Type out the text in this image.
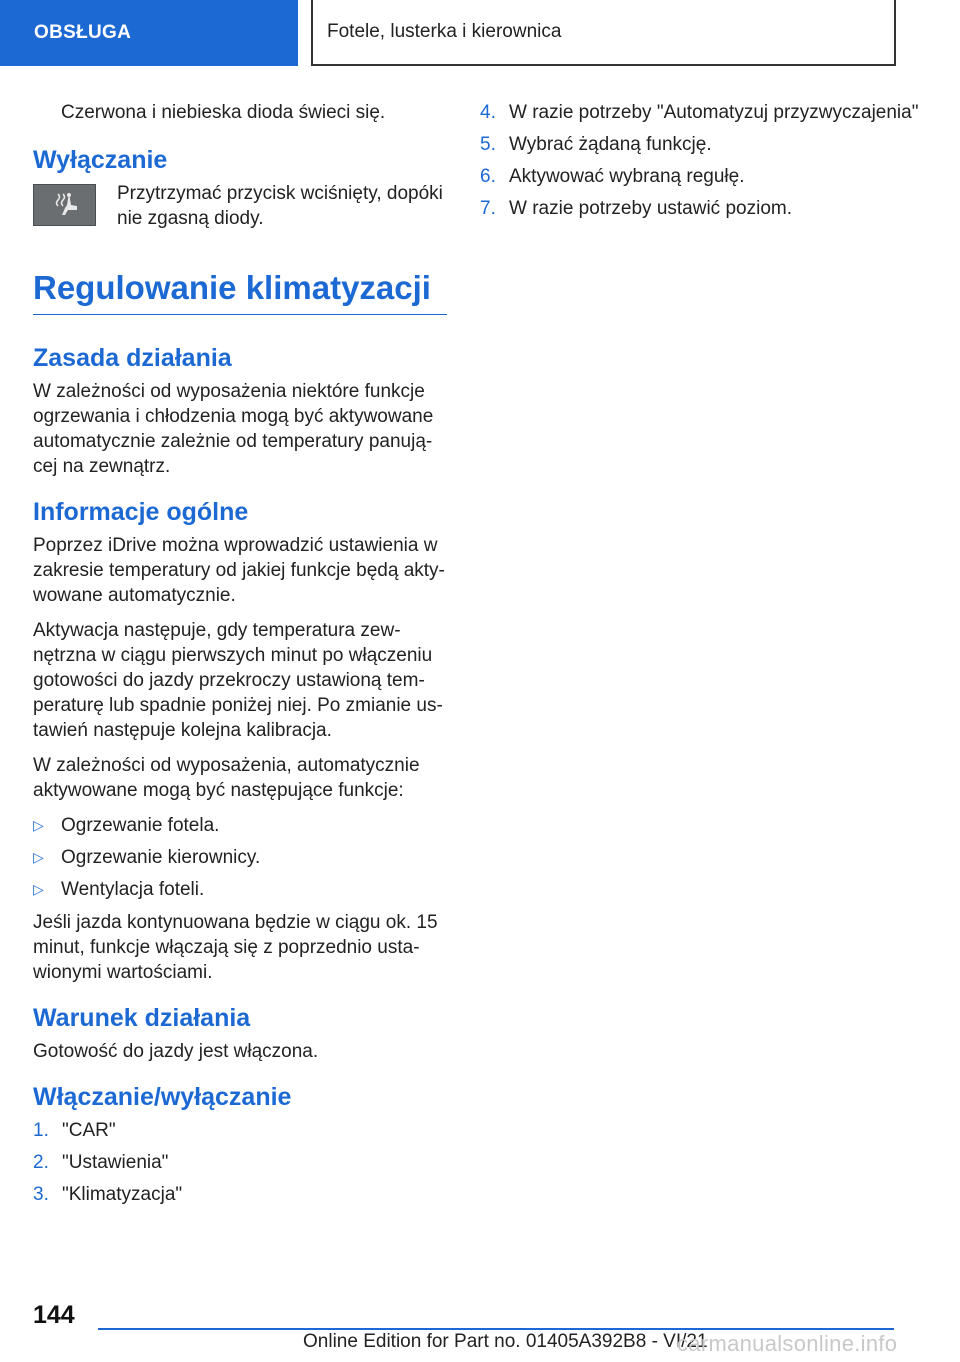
OBSŁUGA	Fotele, lusterka i kierownica

Czerwona i niebieska dioda świeci się.

Wyłączanie
Przytrzymać przycisk wciśnięty, dopóki nie zgasną diody.
Regulowanie klimatyzacji
Zasada działania

W zależności od wyposażenia niektóre funkcje ogrzewania i chłodzenia mogą być aktywowane automatycznie zależnie od temperatury panującej na zewnątrz.

Informacje ogólne

Poprzez iDrive można wprowadzić ustawienia w zakresie temperatury od jakiej funkcje będą aktywowane automatycznie.

Aktywacja następuje, gdy temperatura zewnętrzna w ciągu pierwszych minut po włączeniu gotowości do jazdy przekroczy ustawioną temperaturę lub spadnie poniżej niej. Po zmianie ustawień następuje kolejna kalibracja.

W zależności od wyposażenia, automatycznie aktywowane mogą być następujące funkcje:

▷ Ogrzewanie fotela.
▷ Ogrzewanie kierownicy.
▷ Wentylacja foteli.

Jeśli jazda kontynuowana będzie w ciągu ok. 15 minut, funkcje włączają się z poprzednio ustawionymi wartościami.

Warunek działania

Gotowość do jazdy jest włączona.

Włączanie/wyłączanie
1. "CAR"
2. "Ustawienia"
3. "Klimatyzacja"
4. W razie potrzeby "Automatyzuj przyzwyczajenia"
5. Wybrać żądaną funkcję.
6. Aktywować wybraną regułę.
7. W razie potrzeby ustawić poziom.
144
Online Edition for Part no. 01405A392B8 - VI/21
carmanualsonline.info
